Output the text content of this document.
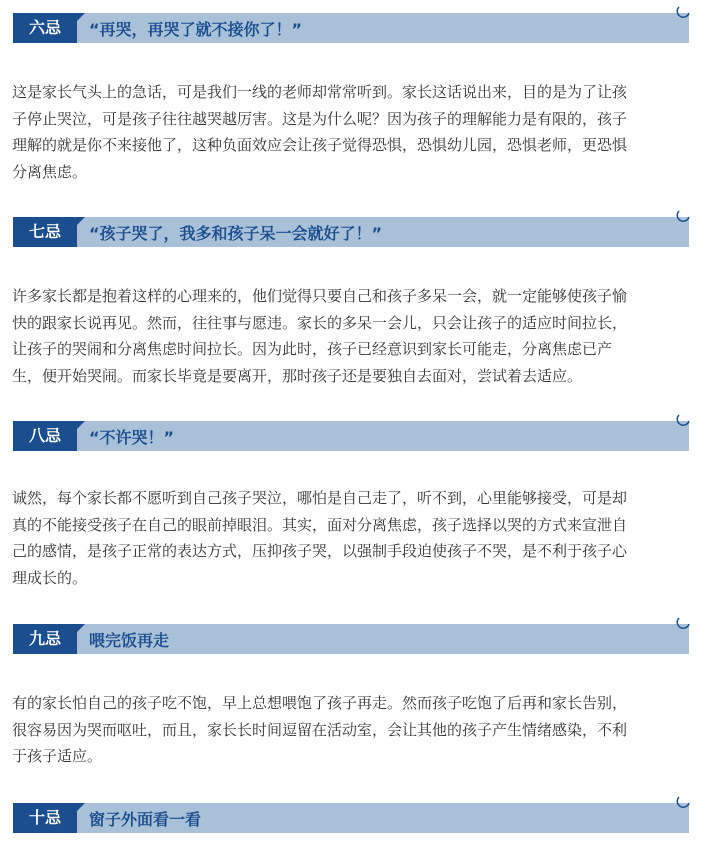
六忌	“再哭，再哭了就不接你了！”

这是家长气头上的急话，可是我们一线的老师却常常听到。家长这话说出来，目的是为了让孩
子停止哭泣，可是孩子往往越哭越厉害。这是为什么呢？因为孩子的理解能力是有限的，孩子
理解的就是你不来接他了，这种负面效应会让孩子觉得恐惧，恐惧幼儿园，恐惧老师，更恐惧
分离焦虑。

七忌	“孩子哭了，我多和孩子呆一会就好了！”

许多家长都是抱着这样的心理来的，他们觉得只要自己和孩子多呆一会，就一定能够使孩子愉
快的跟家长说再见。然而，往往事与愿违。家长的多呆一会儿，只会让孩子的适应时间拉长，
让孩子的哭闹和分离焦虑时间拉长。因为此时，孩子已经意识到家长可能走，分离焦虑已产
生，便开始哭闹。而家长毕竟是要离开，那时孩子还是要独自去面对，尝试着去适应。

八忌	“不许哭！”

诚然，每个家长都不愿听到自己孩子哭泣，哪怕是自己走了，听不到，心里能够接受，可是却
真的不能接受孩子在自己的眼前掉眼泪。其实，面对分离焦虑，孩子选择以哭的方式来宣泄自
己的感情，是孩子正常的表达方式，压抑孩子哭，以强制手段迫使孩子不哭，是不利于孩子心
理成长的。

九忌	喂完饭再走

有的家长怕自己的孩子吃不饱，早上总想喂饱了孩子再走。然而孩子吃饱了后再和家长告别，
很容易因为哭而呕吐，而且，家长长时间逗留在活动室，会让其他的孩子产生情绪感染，不利
于孩子适应。

十忌	窗子外面看一看
